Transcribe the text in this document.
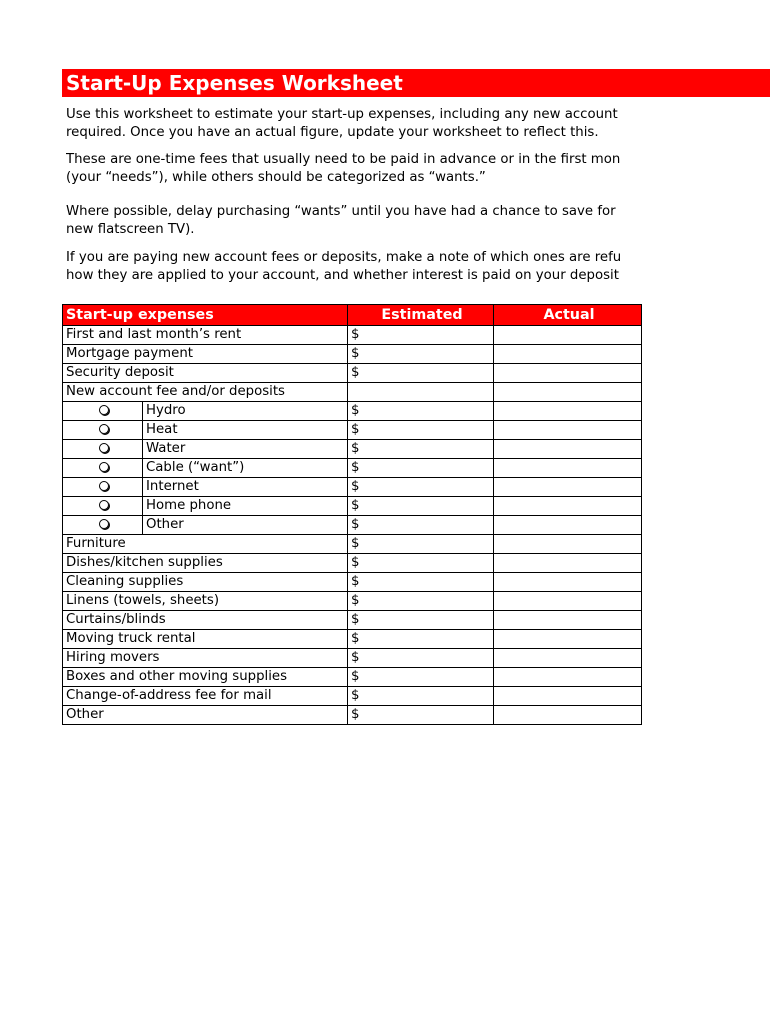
Start-Up Expenses Worksheet
Use this worksheet to estimate your start-up expenses, including any new account
required. Once you have an actual figure, update your worksheet to reflect this.
These are one-time fees that usually need to be paid in advance or in the first mon
(your “needs”), while others should be categorized as “wants.”
Where possible, delay purchasing “wants” until you have had a chance to save for
new flatscreen TV).
If you are paying new account fees or deposits, make a note of which ones are refu
how they are applied to your account, and whether interest is paid on your deposit
Start-up expenses		Estimated	Actual
First and last month’s rent		$	
Mortgage payment		$	
Security deposit		$	
New account fee and/or deposits			
	Hydro	$	
	Heat	$	
	Water	$	
	Cable (“want”)	$	
	Internet	$	
	Home phone	$	
	Other	$	
Furniture		$	
Dishes/kitchen supplies		$	
Cleaning supplies		$	
Linens (towels, sheets)		$	
Curtains/blinds		$	
Moving truck rental		$	
Hiring movers		$	
Boxes and other moving supplies		$	
Change-of-address fee for mail		$	
Other		$	
